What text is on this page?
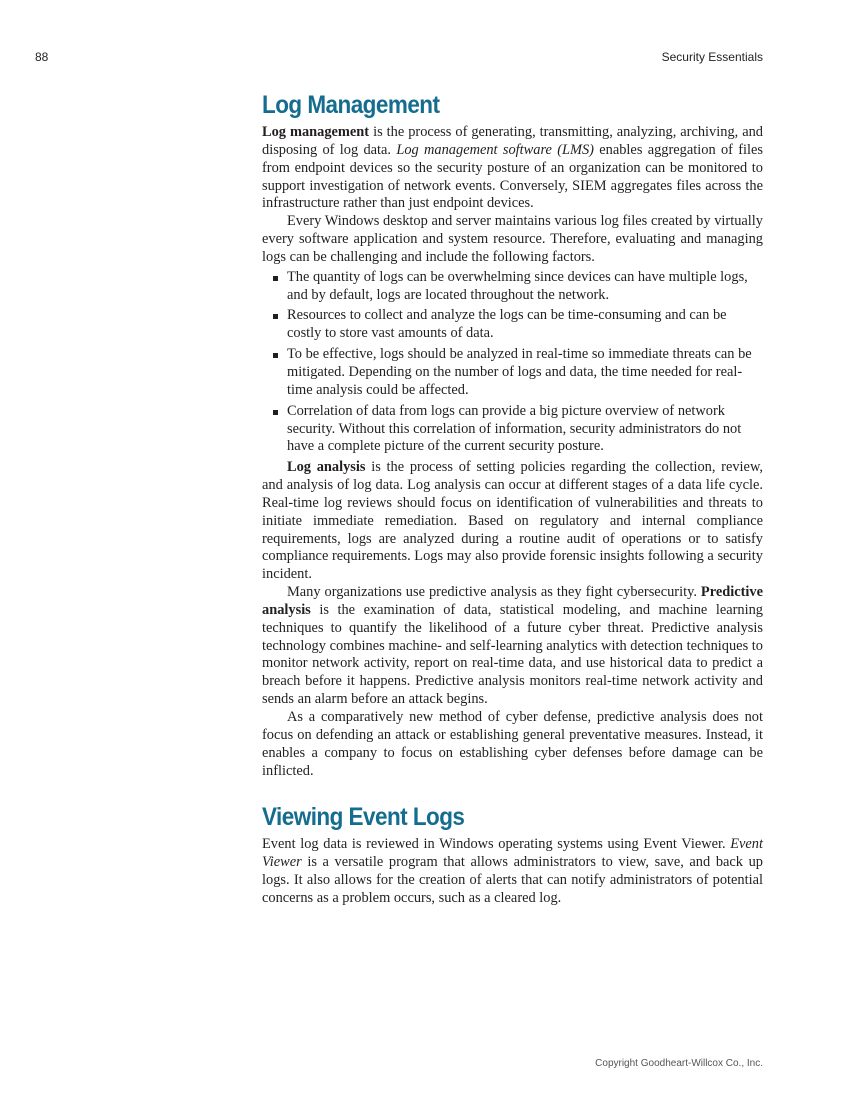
88	Security Essentials
Log Management

Log management is the process of generating, transmitting, analyzing, archiving, and disposing of log data. Log management software (LMS) enables aggregation of files from endpoint devices so the security posture of an organization can be monitored to support investigation of network events. Conversely, SIEM aggregates files across the infrastructure rather than just endpoint devices.

Every Windows desktop and server maintains various log files created by virtually every software application and system resource. Therefore, evaluating and managing logs can be challenging and include the following factors.

The quantity of logs can be overwhelming since devices can have multiple logs, and by default, logs are located throughout the network.
Resources to collect and analyze the logs can be time-consuming and can be costly to store vast amounts of data.
To be effective, logs should be analyzed in real-time so immediate threats can be mitigated. Depending on the number of logs and data, the time needed for real-time analysis could be affected.
Correlation of data from logs can provide a big picture overview of network security. Without this correlation of information, security administrators do not have a complete picture of the current security posture.

Log analysis is the process of setting policies regarding the collection, review, and analysis of log data. Log analysis can occur at different stages of a data life cycle. Real-time log reviews should focus on identification of vulnerabilities and threats to initiate immediate remediation. Based on regulatory and internal compliance requirements, logs are analyzed during a routine audit of operations or to satisfy compliance requirements. Logs may also provide forensic insights following a security incident.

Many organizations use predictive analysis as they fight cybersecurity. Predictive analysis is the examination of data, statistical modeling, and machine learning techniques to quantify the likelihood of a future cyber threat. Predictive analysis technology combines machine- and self-learning analytics with detection techniques to monitor network activity, report on real-time data, and use historical data to predict a breach before it happens. Predictive analysis monitors real-time network activity and sends an alarm before an attack begins.

As a comparatively new method of cyber defense, predictive analysis does not focus on defending an attack or establishing general preventative measures. Instead, it enables a company to focus on establishing cyber defenses before damage can be inflicted.

Viewing Event Logs

Event log data is reviewed in Windows operating systems using Event Viewer. Event Viewer is a versatile program that allows administrators to view, save, and back up logs. It also allows for the creation of alerts that can notify administrators of potential concerns as a problem occurs, such as a cleared log.

Copyright Goodheart-Willcox Co., Inc.
